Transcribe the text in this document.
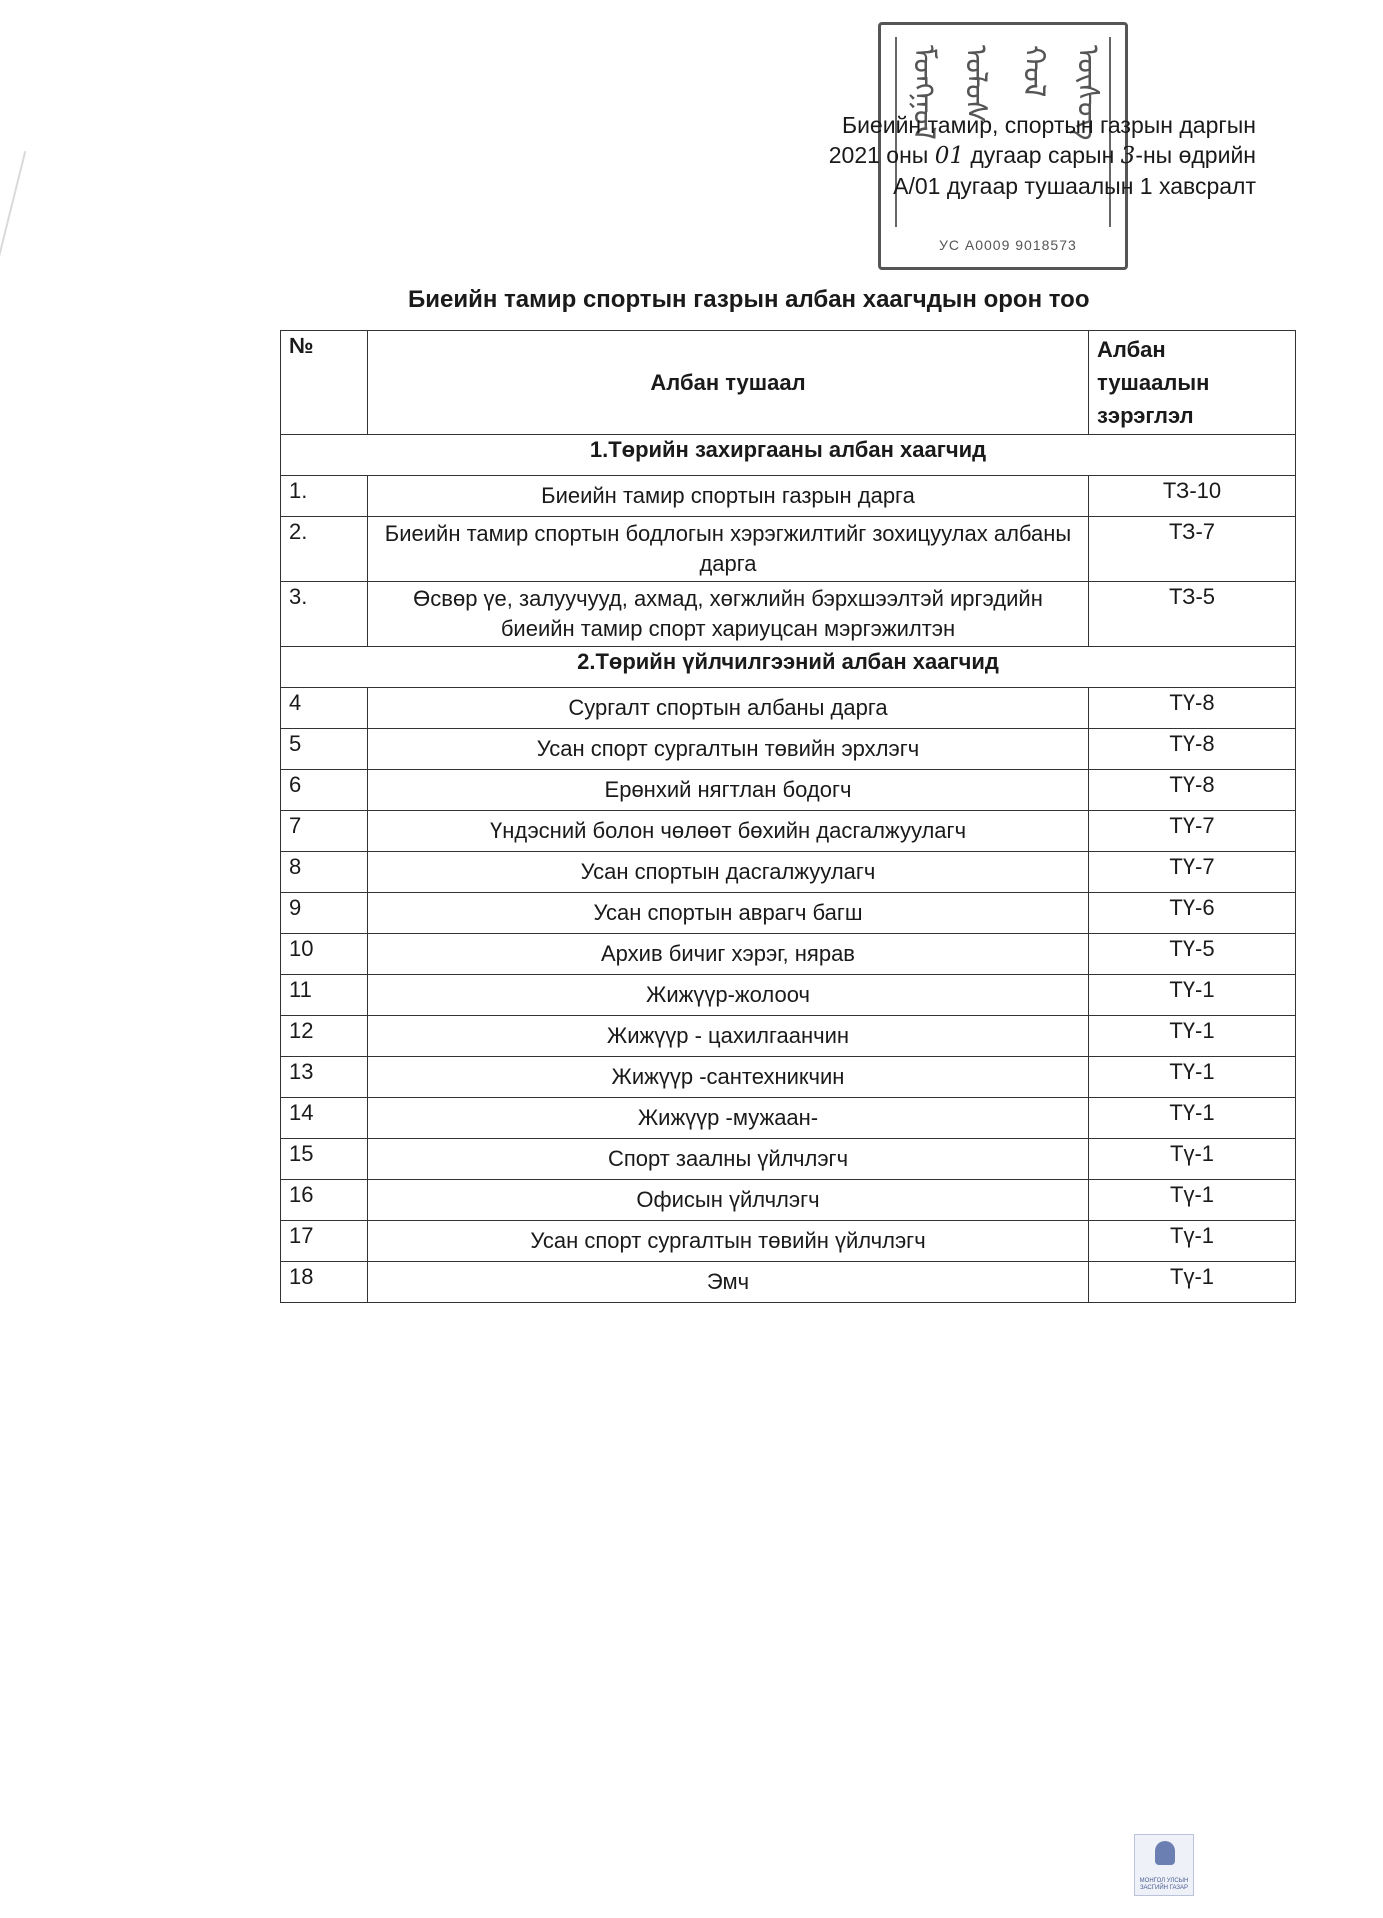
ᠮᠣᠩᠭᠣᠯ ᠤᠯᠤᠰ ᠬᠤᠯ ᠦᠰᠦᠭ
УС А0009 9018573
Биеийн тамир, спортын газрын даргын
2021 оны 01 дугаар сарын 3-ны өдрийн
А/01 дугаар тушаалын 1 хавсралт
Биеийн тамир спортын газрын албан хаагчдын орон тоо
№	Албан тушаал	Албан
тушаалын
зэрэглэл

1.Төрийн захиргааны албан хаагчид		
1.	Биеийн тамир спортын газрын дарга	ТЗ-10
2.	Биеийн тамир спортын бодлогын хэрэгжилтийг зохицуулах албаны дарга	ТЗ-7
3.	Өсвөр үе, залуучууд, ахмад, хөгжлийн бэрхшээлтэй иргэдийн биеийн тамир спорт хариуцсан мэргэжилтэн	ТЗ-5
2.Төрийн үйлчилгээний албан хаагчид		
4	Сургалт спортын албаны дарга	ТҮ-8
5	Усан спорт сургалтын төвийн эрхлэгч	ТҮ-8
6	Ерөнхий нягтлан бодогч	ТҮ-8
7	Үндэсний болон чөлөөт бөхийн дасгалжуулагч	ТҮ-7
8	Усан спортын дасгалжуулагч	ТҮ-7
9	Усан спортын аврагч багш	ТҮ-6
10	Архив бичиг хэрэг, нярав	ТҮ-5
11	Жижүүр-жолооч	ТҮ-1
12	Жижүүр - цахилгаанчин	ТҮ-1
13	Жижүүр -сантехникчин	ТҮ-1
14	Жижүүр -мужаан-	ТҮ-1
15	Спорт заалны үйлчлэгч	Тү-1
16	Офисын үйлчлэгч	Тү-1
17	Усан спорт сургалтын төвийн үйлчлэгч	Тү-1
18	Эмч	Тү-1
МОНГОЛ УЛСЫН
ЗАСГИЙН ГАЗАР
